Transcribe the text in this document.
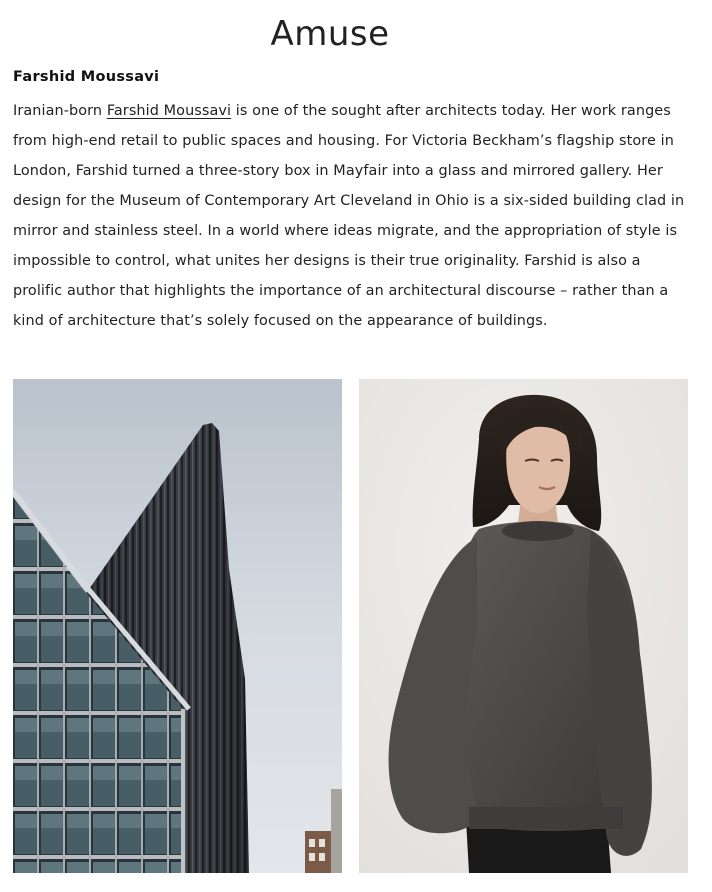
Amuse
Farshid Moussavi

Iranian-born Farshid Moussavi is one of the sought after architects today. Her work ranges from high-end retail to public spaces and housing. For Victoria Beckham’s flagship store in London, Farshid turned a three-story box in Mayfair into a glass and mirrored gallery. Her design for the Museum of Contemporary Art Cleveland in Ohio is a six-sided building clad in mirror and stainless steel. In a world where ideas migrate, and the appropriation of style is impossible to control, what unites her designs is their true originality. Farshid is also a prolific author that highlights the importance of an architectural discourse – rather than a kind of architecture that’s solely focused on the appearance of buildings.
